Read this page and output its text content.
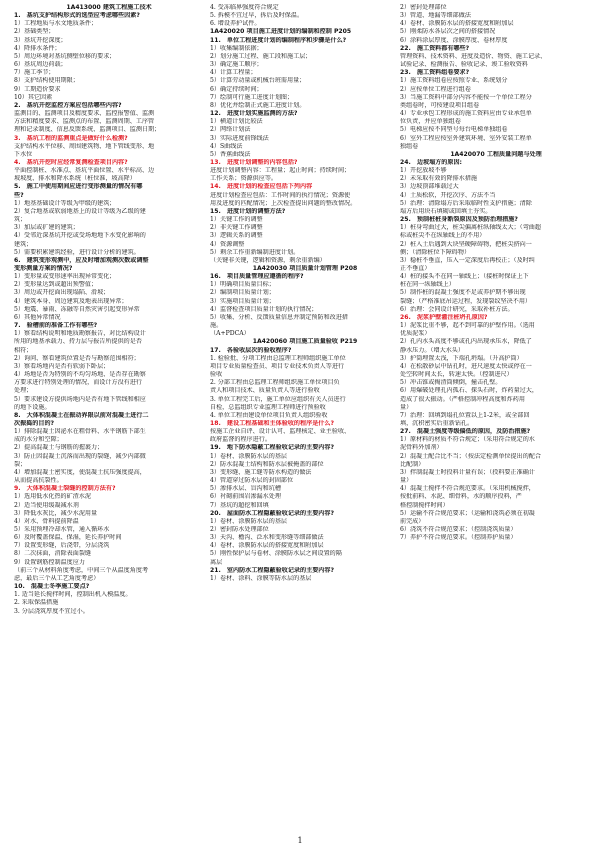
1A413000 建筑工程施工技术
1.　基坑支护结构形式的选型应考虑哪些因素?
1）工程地质与水文地质条件；
2）基础类型；
3）基坑开挖深度；
4）降排水条件；
5）周边环境对基坑侧壁位移的要求；
6）基坑周边荷载；
7）施工季节；
8）支护结构使用期限；
9）工期造价要求
10）其它因素
2.　基坑开挖监控方案应包括哪些内容?
监测目的、监测项目及精度要求、监控报警值、监测
方法和精度要求、监测点的布置、监测周期、工序管
理和记录制度、信息反馈系统、监测项目、监测日期；
3.　基坑工程的监测重点是做好什么检测?
支护结构水平位移、周围建筑物、地下管线变形、地
下水位
4.　基坑开挖时应经常复测检查项目内容?
平面控制桩、水准点、基坑平面位置、水平标高、边
坡坡度、排水和降水系统（桩位准，坡高降）
5.　施工中使用期间应进行变形测量的情况有哪
些?
1）地基基础设计等级为甲级的建筑；
2）复合地基或软弱地基上的设计等级为乙级的建
筑；
3）加层或扩建的建筑；
4）受邻近深基坑开挖或受场地地下水变化影响的
建筑；
5）需要积累建筑经验，进行设计分析的建筑。
6.　建筑变形观测中，应及时增加观测次数或调整
变形测量方案的情况?
1）变形量或变形速率出现异常变化；
2）变形量达到或超出预警值；
3）周边或开挖面出现塌陷、滑坡；
4）建筑本身、周边建筑及地表出现异常；
5）地震、暴雨、冻融等自然灾害引起变形异常
6）其他异常情况
7.　验槽前的准备工作有哪些?
1）察看结构说明和地质勘察报告，对比结构设计
所用的地基承载力、持力层与报告所提供的是否
相符；
2）询问、察看建筑位置是否与勘察范围相符；
3）察看场地内是否有软弱下卧层；
4）场地是否为特别的不均匀场地、是否存在勘察
方要求进行特别处理的情况，而设计方没有进行
处理；
5）要求建设方提供场地内是否有地下管线和相应
的地下设施。
8.　大体积混凝土在振动界限以前对混凝土进行二
次振捣的目的?
1）排除混凝土因泌水在粗骨料、水平钢筋下部生
成的水分和空隙；
2）提高混凝土与钢筋的握裹力；
3）防止因混凝土沉落而出现的裂缝，减少内部微
裂；
4）增加混凝土密实度，使混凝土抗压强度提高，
从而提高抗裂性。
9.　大体积混凝土裂缝的控制方法有?
1）选用低水化热的矿渣水泥
2）适当使用缓凝减水剂
3）降低水灰比，减少水泥用量
4）对水、骨料提前降温
5）采用预埋冷却水管，通入循环水
6）及时覆盖保温、保湿，延长养护时间
7）设置变形缝，后浇带，分层浇筑
8）二次抹面，消除表面裂缝
9）设置钢筋控制温度应力
（前三个从材料角度考虑，中间三个从温度角度考
虑，最后三个从工艺角度考虑）
10.　混凝土冬季施工要点?
1. 适当延长搅拌时间，控制出机入模温度。
2. 采取保温措施
3. 分层浇筑厚度不宜过小。
4. 受冻临界强度符合规定
5. 拆模不宜过早，拆后及时保温。
6. 增设养护试件。
1A420020 项目施工进度计划的编制和控制 P205
11.　单位工程进度计划的编制程序和步骤是什么?
1）收集编制依据；
2）划分施工过程、施工段和施工层；
3）确定施工顺序；
4）计算工程量；
5）计算劳动量或机械台班需用量；
6）确定持续时间；
7）绘制可行施工进度计划图；
8）优化并绘制正式施工进度计划。
12.　进度计划实施监测的方法?
1）横道计划比较法
2）网络计划法
3）实际进度前锋线法
4）S曲线法
5）香蕉曲线法
13.　进度计划调整的内容包括?
进度计划调整内容：工程量；起止时间；持续时间；
工作关系；资源供应等。
14.　进度计划的检查应包括下列内容
进度计划检查应包括：工作时间的执行情况；资源使
用及进度的匹配情况；上次检查提出问题的整改情况。
15.　进度计划的调整方法?
1）关键工作的调整
2）非关键工作调整
3）逻辑关系的调整
4）资源调整
5）剩余工作重新编制进度计划。
（关键非关键，逻辑和资源，剩余重新编）
1A420030 项目质量计划管理 P208
16.　项目质量管理应遵循的程序?
1）明确项目质量目标；
2）编制项目质量计划；
3）实施项目质量计划；
4）监督检查项目质量计划的执行情况；
5）收集、分析、反馈质量信息并制定预防和改进措
施。
（A+PDCA）
1A420060 项目施工质量验收 P219
17.　各验收层次的验收程序?
1. 检验批、分项工程由总监理工程师组织施工单位
项目专业质量检查员、项目专业技术负责人等进行
验收
2. 分部工程由总监理工程师组织施工单位项目负
责人和项目技术、质量负责人等进行验收
3. 单位工程完工后，施工单位应组织有关人员进行
自检，总监组织专业监理工程师进行预验收
4. 单位工程由建设单位项目负责人组织验收
18.　建设工程基础和主体验收的程序是什么?
按施工企业自评、设计认可、监理核定、业主验收、
政府监督的程序进行。
19.　地下防水隐蔽工程验收记录的主要内容?
1）卷材、涂膜防水层的基层
2）防水混凝土结构和防水层被掩盖的部位
3）变形缝、施工缝等防水构造的做法
4）管道穿过防水层的封固部位
5）渗排水层、盲沟和坑槽
6）衬砌前围岩渗漏水处理
7）基坑的超挖和回填
20.　屋面防水工程隐蔽验收记录的主要内容?
1）卷材、涂膜防水层的基层
2）密封防水处理部位
3）天沟、檐沟、泛水和变形缝等细部做法
4）卷材、涂膜防水层的搭接宽度和附加层
5）刚性保护层与卷材、涂膜防水层之间设置的隔
离层
21.　室内防水工程隐蔽验收记录的主要内容?
1）卷材、涂料、涂膜等防水层的基层
2）密封处理部位
3）管道、地漏等细部做法
4）卷材、涂膜防水层的搭接宽度和附加层
5）刚柔防水各层次之间的搭接情况
6）涂料涂层厚度、涂膜厚度、卷材厚度
22.　施工资料都有哪些?
管理资料、技术资料、进度及造价、物资、施工记录、
试验记录、检测报告、验收记录、竣工验收资料
23.　施工资料组卷要求?
1）施工资料组卷应按照专业、系统划分
2）应按单位工程进行组卷
3）当施工资料中部分内容不能按一个单位工程分
类组卷时，可按建设项目组卷
4）专业承包工程形成的施工资料应由专业承包单
位负责，并应单独组卷
5）电梯应按不同型号每台电梯单独组卷
6）室外工程应按室外建筑环境、室外安装工程单
独组卷
1A420070 工程质量问题与处理
24.　边坡塌方的原因:
1）开挖放坡不够
2）未采取有效的降排水措施
3）边坡顶部堆载过大
4）土质松软，开挖次序、方法不当
5）治理：清除塌方后采取临时性支护措施；清除
塌方后用块石填砌或回填土夯实。
25.　预制桩桩身断裂原因及预防治理措施?
1）桩身弯曲过大，桩尖偏离桩纵轴线太大；（弯曲超
标或桩尖不在纵轴线上的不用）
2）桩入土后遇到大块坚硬障碍物，把桩尖挤向一
侧；（清除桩位下障碍物）
3）稳桩不垂直，压入一定深度后再校正；（及时纠
正不垂直）
4）桩的接头不在同一轴线上；（接桩时保证上下
桩在同一纵轴线上）
5）制作桩的混凝土强度不足或养护期不够出现
裂缝；（严格准底吊运过程，发现裂纹坚决不用）
6）治理：会同设计研究，采取补桩方法。
26.　泥浆护壁灌注桩坍孔原因?
1）泥浆比重不够，起不到可靠的护壁作用。（选用
优质泥浆）
2）孔内水头高度不够或孔内出现承压水，降低了
静水压力。（增大水头）
3）护筒埋置太浅，下端孔坍塌。（升高护筒）
4）在松散砂层中钻孔时，进尺速度太快或停在一
处空转时间太长，转速太快。（控制进尺）
5）冲击锥或掏渣筒倾倒，撞击孔壁。
6）用爆破处理孔内孤石、探头石时，炸药量过大，
造成了很大振动。（严格控制冲程高度和炸药用
量）
7）治理：回填到塌孔位置以上1-2米，或全部回
填，沉积密实后重新钻孔。
27.　混凝土强度等级偏低的原因，及防治措施?
1）原材料的材质不符合规定；（采用符合规定的水
泥骨料外加剂）
2）混凝土配合比不当；（按法定检测单位提出的配合
比配制）
3）拌制混凝土时投料计量有误；（投料要正准确计
量）
4）混凝土搅拌不符合规范要求。（采用机械搅拌，
按批前料、水泥、细骨料，水的顺序投料，严
格控制搅拌时间）
5）运输不符合规范要求；（运输和浇筑必须在初凝
前完成）
6）浇筑不符合规范要求；（控制浇筑质量）
7）养护不符合规范要求。（控制养护质量）
1
